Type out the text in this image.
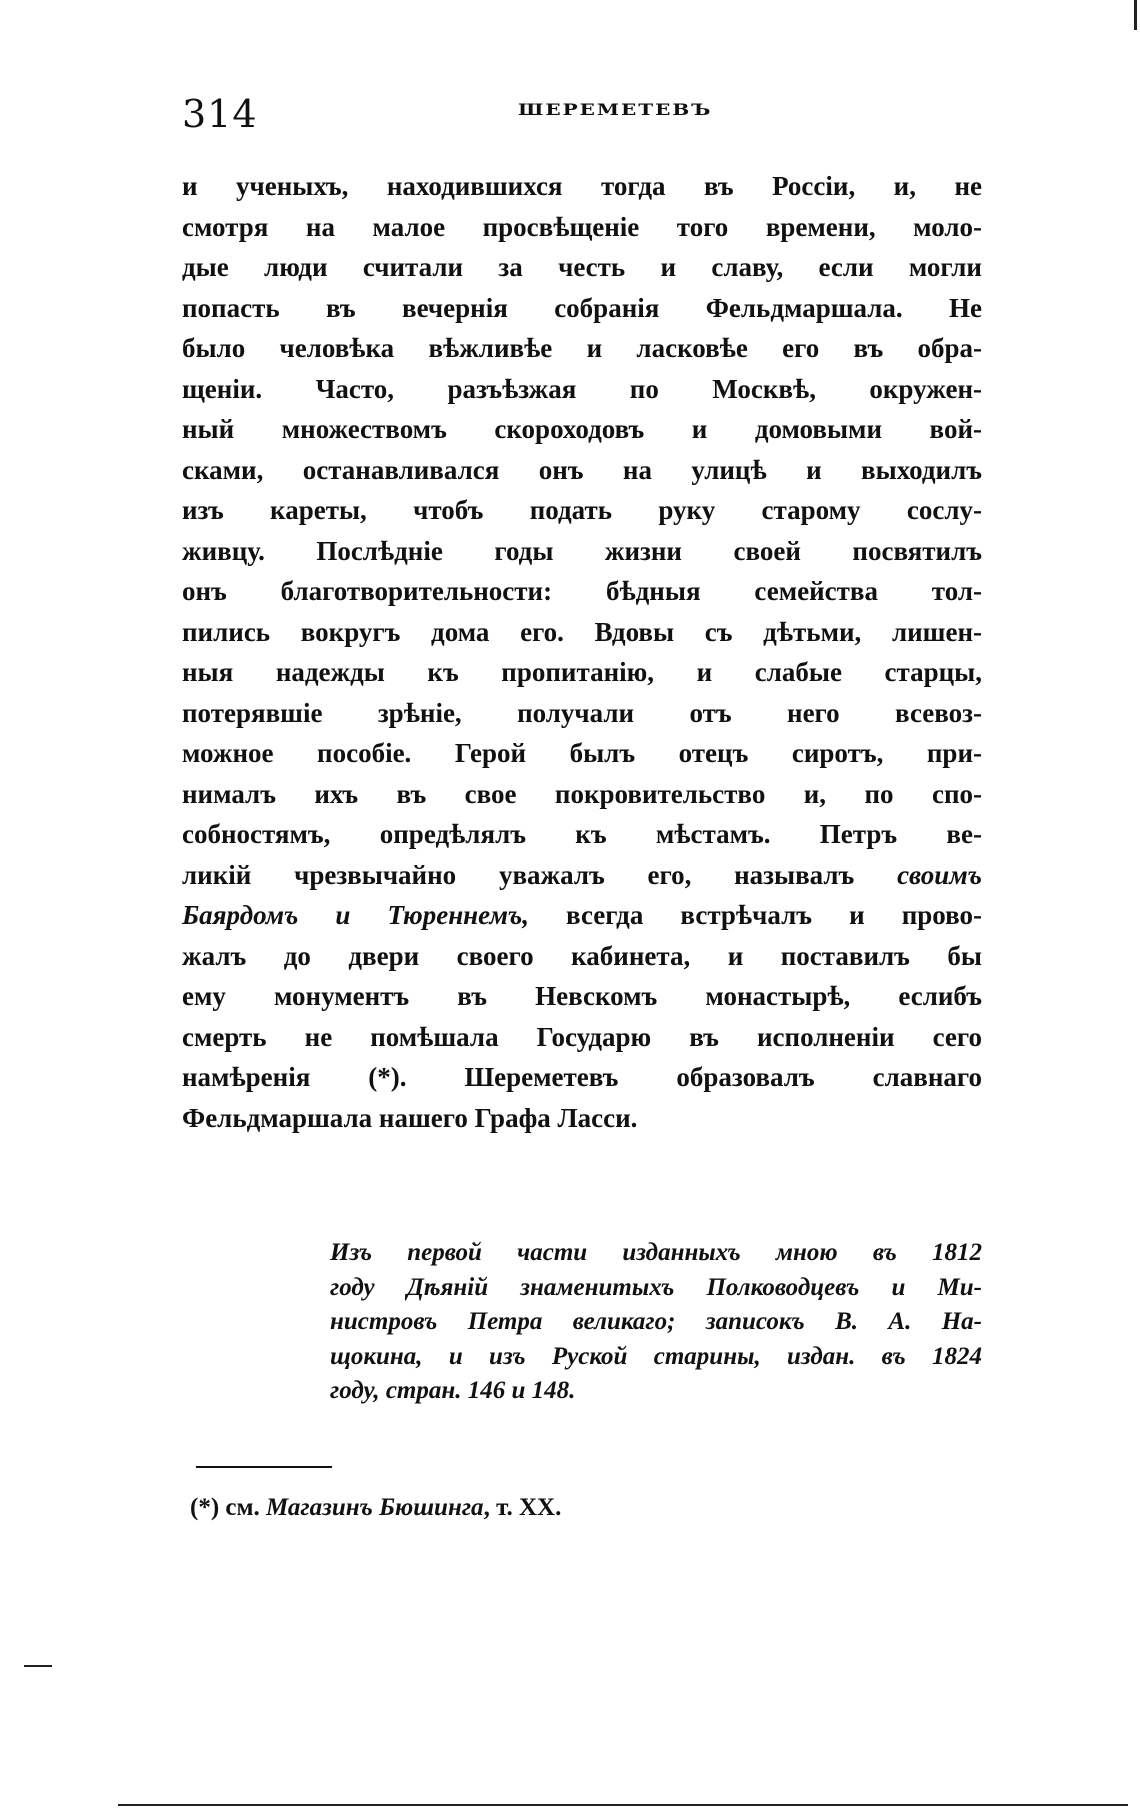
314	ШЕРЕМЕТЕВЪ
и ученыхъ, находившихся тогда въ Россіи, и, не
смотря на малое просвѣщеніе того времени, моло-
дые люди считали за честь и славу, если могли
попасть въ вечернія собранія Фельдмаршала. Не
было человѣка вѣжливѣе и ласковѣе его въ обра-
щеніи. Часто, разъѣзжая по Москвѣ, окружен-
ный множествомъ скороходовъ и домовыми вой-
сками, останавливался онъ на улицѣ и выходилъ
изъ кареты, чтобъ подать руку старому сослу-
живцу. Послѣдніе годы жизни своей посвятилъ
онъ благотворительности: бѣдныя семейства тол-
пились вокругъ дома его. Вдовы съ дѣтьми, лишен-
ныя надежды къ пропитанію, и слабые старцы,
потерявшіе зрѣніе, получали отъ него всевоз-
можное пособіе. Герой былъ отецъ сиротъ, при-
нималъ ихъ въ свое покровительство и, по спо-
собностямъ, опредѣлялъ къ мѣстамъ. Петръ ве-
ликій чрезвычайно уважалъ его, называлъ своимъ
Баярдомъ и Тюреннемъ, всегда встрѣчалъ и прово-
жалъ до двери своего кабинета, и поставилъ бы
ему монументъ въ Невскомъ монастырѣ, еслибъ
смерть не помѣшала Государю въ исполненіи сего
намѣренія (*). Шереметевъ образовалъ славнаго
Фельдмаршала нашего Графа Ласси.
Изъ первой части изданныхъ мною въ 1812
году Дѣяній знаменитыхъ Полководцевъ и Ми-
нистровъ Петра великаго; записокъ В. А. На-
щокина, и изъ Руской старины, издан. въ 1824
году, стран. 146 и 148.
(*) см. Магазинъ Бюшинга, т. XX.
